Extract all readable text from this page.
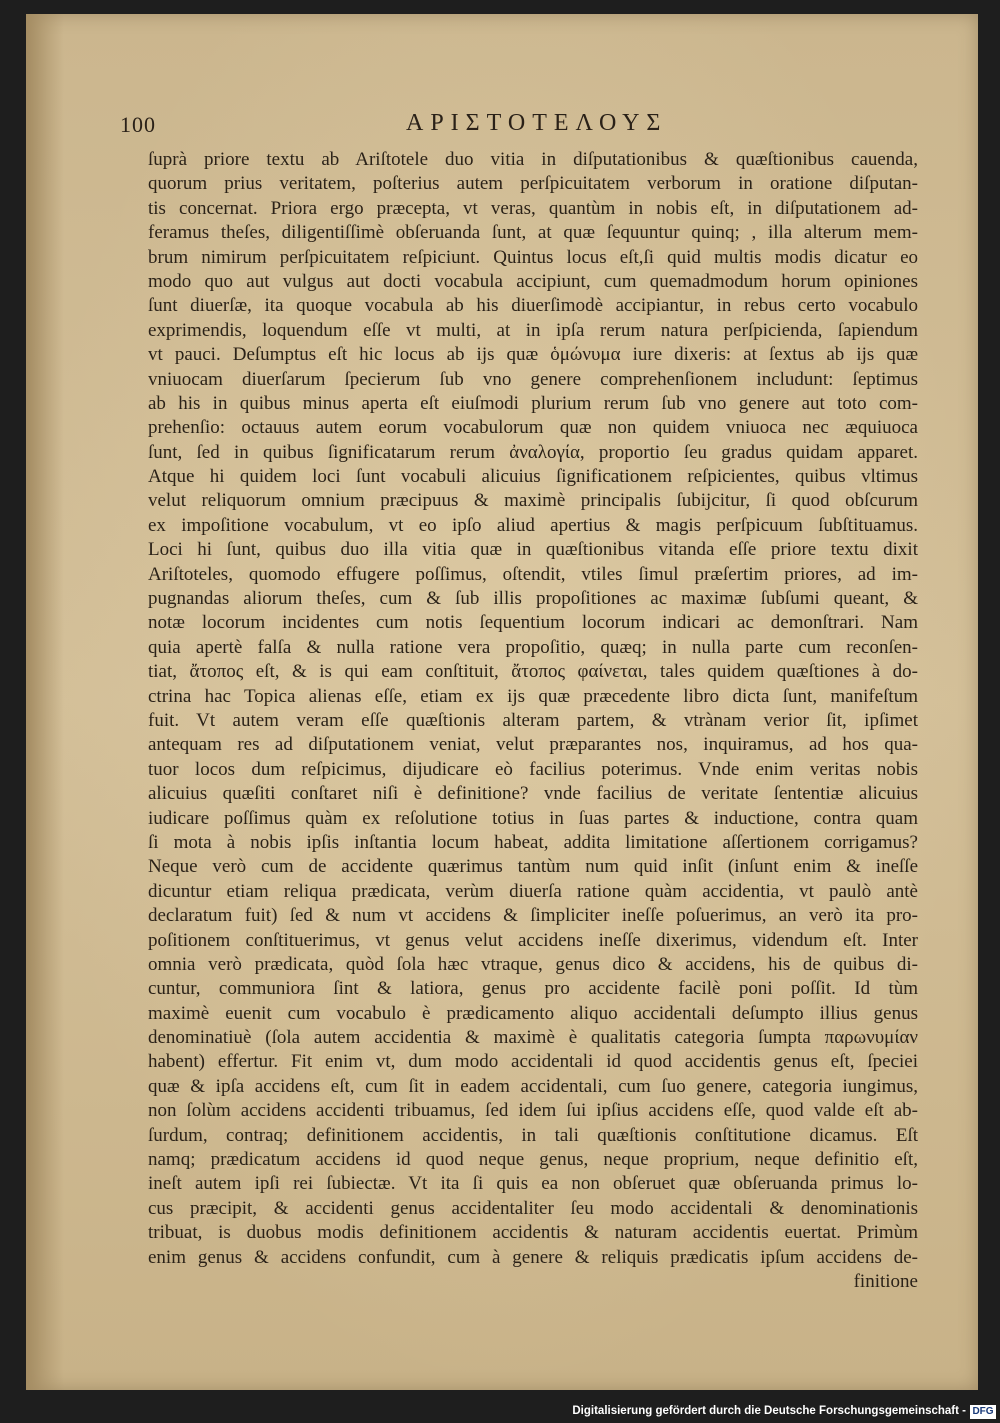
100	ΑΡΙΣΤΟΤΕΛΟΥΣ
ſuprà priore textu ab Ariſtotele duo vitia in diſputationibus & quæſtionibus cauenda,
quorum prius veritatem, poſterius autem perſpicuitatem verborum in oratione diſputan-
tis concernat. Priora ergo præcepta, vt veras, quantùm in nobis eſt, in diſputationem ad-
feramus theſes, diligentiſſimè obſeruanda ſunt, at quæ ſequuntur quinq; , illa alterum mem-
brum nimirum perſpicuitatem reſpiciunt. Quintus locus eſt,ſi quid multis modis dicatur eo
modo quo aut vulgus aut docti vocabula accipiunt, cum quemadmodum horum opiniones
ſunt diuerſæ, ita quoque vocabula ab his diuerſimodè accipiantur, in rebus certo vocabulo
exprimendis, loquendum eſſe vt multi, at in ipſa rerum natura perſpicienda, ſapiendum
vt pauci. Deſumptus eſt hic locus ab ijs quæ ὁμώνυμα iure dixeris: at ſextus ab ijs quæ
vniuocam diuerſarum ſpecierum ſub vno genere comprehenſionem includunt: ſeptimus
ab his in quibus minus aperta eſt eiuſmodi plurium rerum ſub vno genere aut toto com-
prehenſio: octauus autem eorum vocabulorum quæ non quidem vniuoca nec æquiuoca
ſunt, ſed in quibus ſignificatarum rerum ἀναλογία, proportio ſeu gradus quidam apparet.
Atque hi quidem loci ſunt vocabuli alicuius ſignificationem reſpicientes, quibus vltimus
velut reliquorum omnium præcipuus & maximè principalis ſubijcitur, ſi quod obſcurum
ex impoſitione vocabulum, vt eo ipſo aliud apertius & magis perſpicuum ſubſtituamus.
Loci hi ſunt, quibus duo illa vitia quæ in quæſtionibus vitanda eſſe priore textu dixit
Ariſtoteles, quomodo effugere poſſimus, oſtendit, vtiles ſimul præſertim priores, ad im-
pugnandas aliorum theſes, cum & ſub illis propoſitiones ac maximæ ſubſumi queant, &
notæ locorum incidentes cum notis ſequentium locorum indicari ac demonſtrari. Nam
quia apertè falſa & nulla ratione vera propoſitio, quæq; in nulla parte cum reconſen-
tiat, ἄτοπος eſt, & is qui eam conſtituit, ἄτοπος φαίνεται, tales quidem quæſtiones à do-
ctrina hac Topica alienas eſſe, etiam ex ijs quæ præcedente libro dicta ſunt, manifeſtum
fuit. Vt autem veram eſſe quæſtionis alteram partem, & vtrànam verior ſit, ipſimet
antequam res ad diſputationem veniat, velut præparantes nos, inquiramus, ad hos qua-
tuor locos dum reſpicimus, dijudicare eò facilius poterimus. Vnde enim veritas nobis
alicuius quæſiti conſtaret niſi è definitione? vnde facilius de veritate ſententiæ alicuius
iudicare poſſimus quàm ex reſolutione totius in ſuas partes & inductione, contra quam
ſi mota à nobis ipſis inſtantia locum habeat, addita limitatione aſſertionem corrigamus?
Neque verò cum de accidente quærimus tantùm num quid inſit (inſunt enim & ineſſe
dicuntur etiam reliqua prædicata, verùm diuerſa ratione quàm accidentia, vt paulò antè
declaratum fuit) ſed & num vt accidens & ſimpliciter ineſſe poſuerimus, an verò ita pro-
poſitionem conſtituerimus, vt genus velut accidens ineſſe dixerimus, videndum eſt. Inter
omnia verò prædicata, quòd ſola hæc vtraque, genus dico & accidens, his de quibus di-
cuntur, communiora ſint & latiora, genus pro accidente facilè poni poſſit. Id tùm
maximè euenit cum vocabulo è prædicamento aliquo accidentali deſumpto illius genus
denominatiuè (ſola autem accidentia & maximè è qualitatis categoria ſumpta παρωνυμίαν
habent) effertur. Fit enim vt, dum modo accidentali id quod accidentis genus eſt, ſpeciei
quæ & ipſa accidens eſt, cum ſit in eadem accidentali, cum ſuo genere, categoria iungimus,
non ſolùm accidens accidenti tribuamus, ſed idem ſui ipſius accidens eſſe, quod valde eſt ab-
ſurdum, contraq; definitionem accidentis, in tali quæſtionis conſtitutione dicamus. Eſt
namq; prædicatum accidens id quod neque genus, neque proprium, neque definitio eſt,
ineſt autem ipſi rei ſubiectæ. Vt ita ſi quis ea non obſeruet quæ obſeruanda primus lo-
cus præcipit, & accidenti genus accidentaliter ſeu modo accidentali & denominationis
tribuat, is duobus modis definitionem accidentis & naturam accidentis euertat. Primùm
enim genus & accidens confundit, cum à genere & reliquis prædicatis ipſum accidens de-
finitione
Digitalisierung gefördert durch die Deutsche Forschungsgemeinschaft - DFG
